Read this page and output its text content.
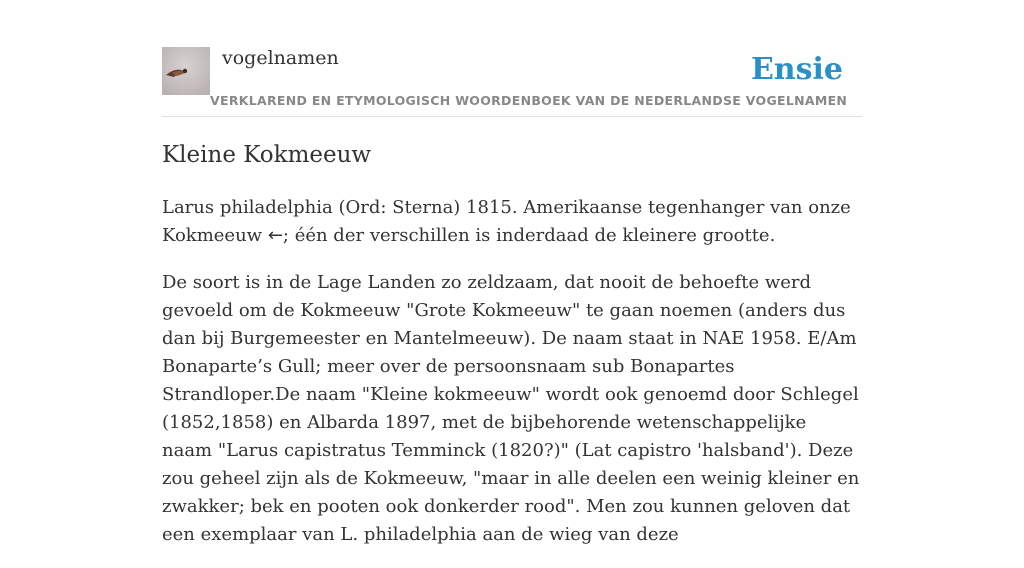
vogelnamen	Ensie
VERKLAREND EN ETYMOLOGISCH WOORDENBOEK VAN DE NEDERLANDSE VOGELNAMEN
Kleine Kokmeeuw

Larus philadelphia (Ord: Sterna) 1815. Amerikaanse tegenhanger van onze Kokmeeuw ←; één der verschillen is inderdaad de kleinere grootte.

De soort is in de Lage Landen zo zeldzaam, dat nooit de behoefte werd gevoeld om de Kokmeeuw "Grote Kokmeeuw" te gaan noemen (anders dus dan bij Burgemeester en Mantelmeeuw). De naam staat in NAE 1958. E/Am Bonaparte’s Gull; meer over de persoonsnaam sub Bonapartes Strandloper.De naam "Kleine kokmeeuw" wordt ook genoemd door Schlegel (1852,1858) en Albarda 1897, met de bijbehorende wetenschappelijke naam "Larus capistratus Temminck (1820?)" (Lat capistro 'halsband'). Deze zou geheel zijn als de Kokmeeuw, "maar in alle deelen een weinig kleiner en zwakker; bek en pooten ook donkerder rood". Men zou kunnen geloven dat een exemplaar van L. philadelphia aan de wieg van deze
